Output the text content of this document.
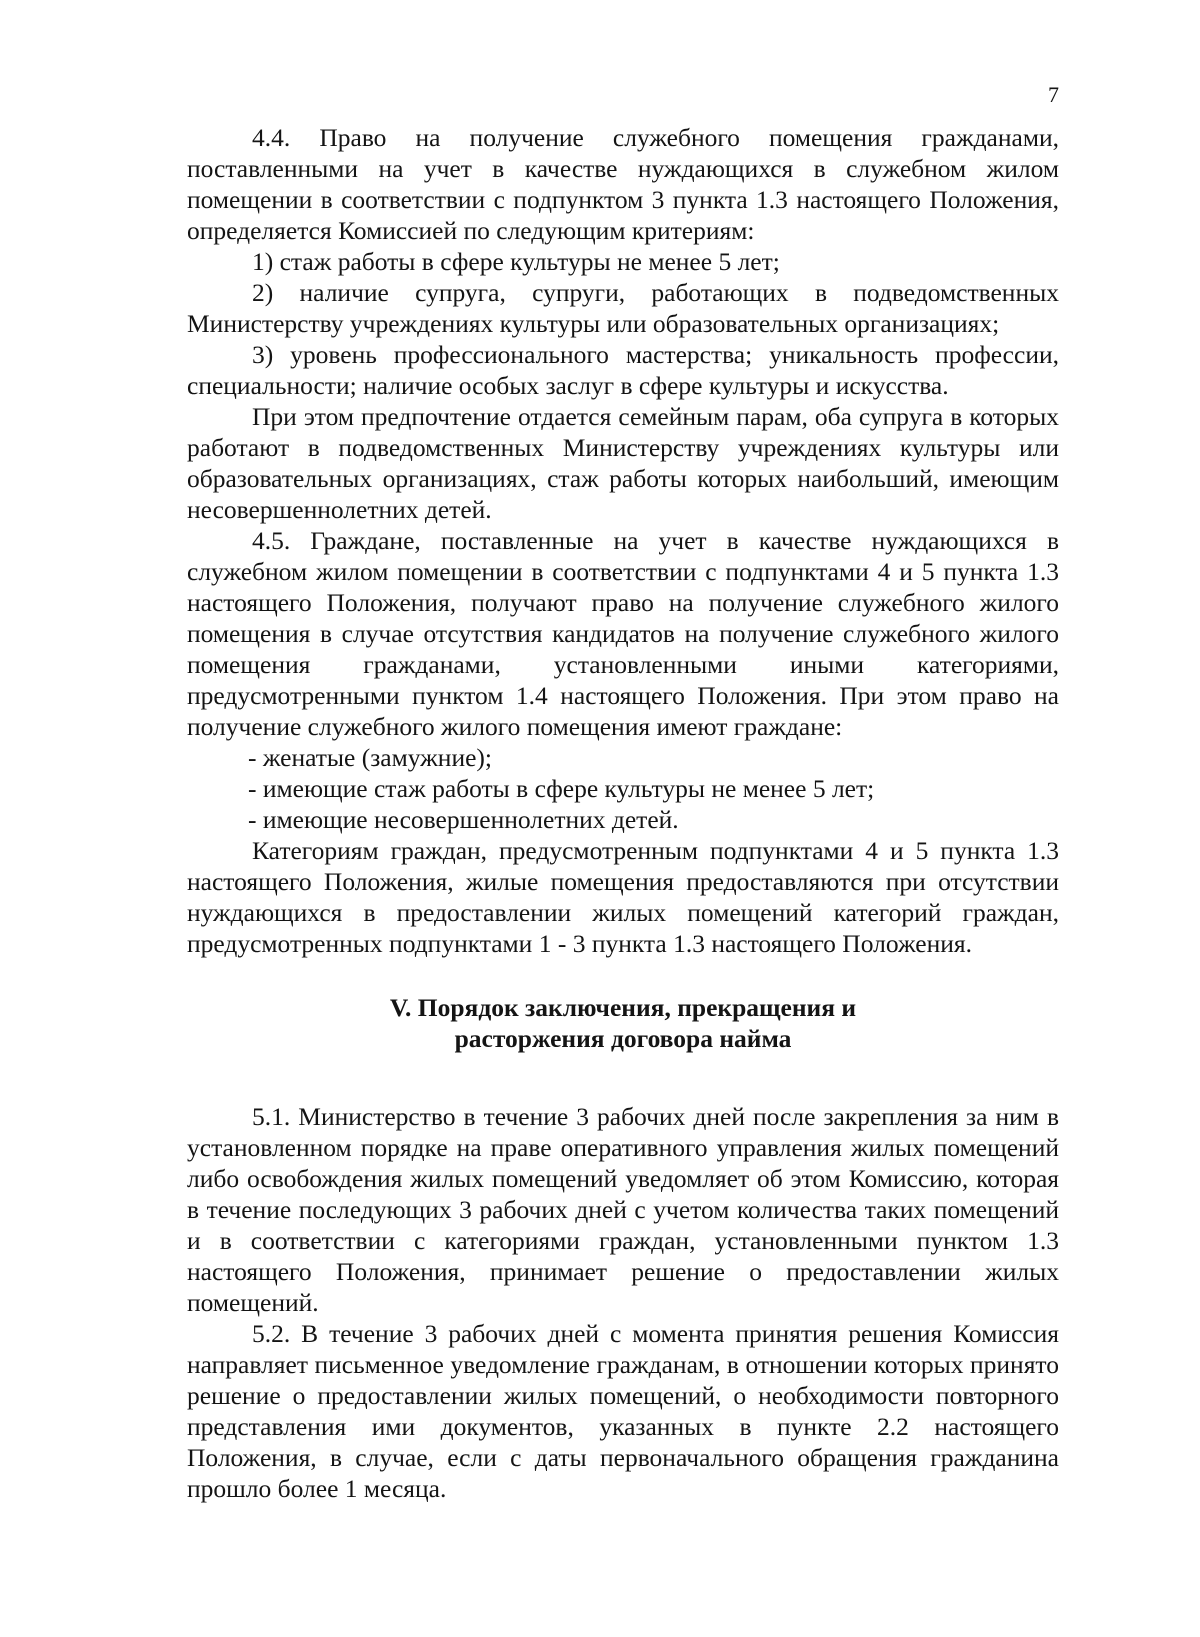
7

4.4. Право на получение служебного помещения гражданами, поставленными на учет в качестве нуждающихся в служебном жилом помещении в соответствии с подпунктом 3 пункта 1.3 настоящего Положения, определяется Комиссией по следующим критериям:

1) стаж работы в сфере культуры не менее 5 лет;

2) наличие супруга, супруги, работающих в подведомственных Министерству учреждениях культуры или образовательных организациях;

3) уровень профессионального мастерства; уникальность профессии, специальности; наличие особых заслуг в сфере культуры и искусства.

При этом предпочтение отдается семейным парам, оба супруга в которых работают в подведомственных Министерству учреждениях культуры или образовательных организациях, стаж работы которых наибольший, имеющим несовершеннолетних детей.

4.5. Граждане, поставленные на учет в качестве нуждающихся в служебном жилом помещении в соответствии с подпунктами 4 и 5 пункта 1.3 настоящего Положения, получают право на получение служебного жилого помещения в случае отсутствия кандидатов на получение служебного жилого помещения гражданами, установленными иными категориями, предусмотренными пунктом 1.4 настоящего Положения. При этом право на получение служебного жилого помещения имеют граждане:

- женатые (замужние);

- имеющие стаж работы в сфере культуры не менее 5 лет;

- имеющие несовершеннолетних детей.

Категориям граждан, предусмотренным подпунктами 4 и 5 пункта 1.3 настоящего Положения, жилые помещения предоставляются при отсутствии нуждающихся в предоставлении жилых помещений категорий граждан, предусмотренных подпунктами 1 - 3 пункта 1.3 настоящего Положения.

V. Порядок заключения, прекращения и
расторжения договора найма

5.1. Министерство в течение 3 рабочих дней после закрепления за ним в установленном порядке на праве оперативного управления жилых помещений либо освобождения жилых помещений уведомляет об этом Комиссию, которая в течение последующих 3 рабочих дней с учетом количества таких помещений и в соответствии с категориями граждан, установленными пунктом 1.3 настоящего Положения, принимает решение о предоставлении жилых помещений.

5.2. В течение 3 рабочих дней с момента принятия решения Комиссия направляет письменное уведомление гражданам, в отношении которых принято решение о предоставлении жилых помещений, о необходимости повторного представления ими документов, указанных в пункте 2.2 настоящего Положения, в случае, если с даты первоначального обращения гражданина прошло более 1 месяца.
